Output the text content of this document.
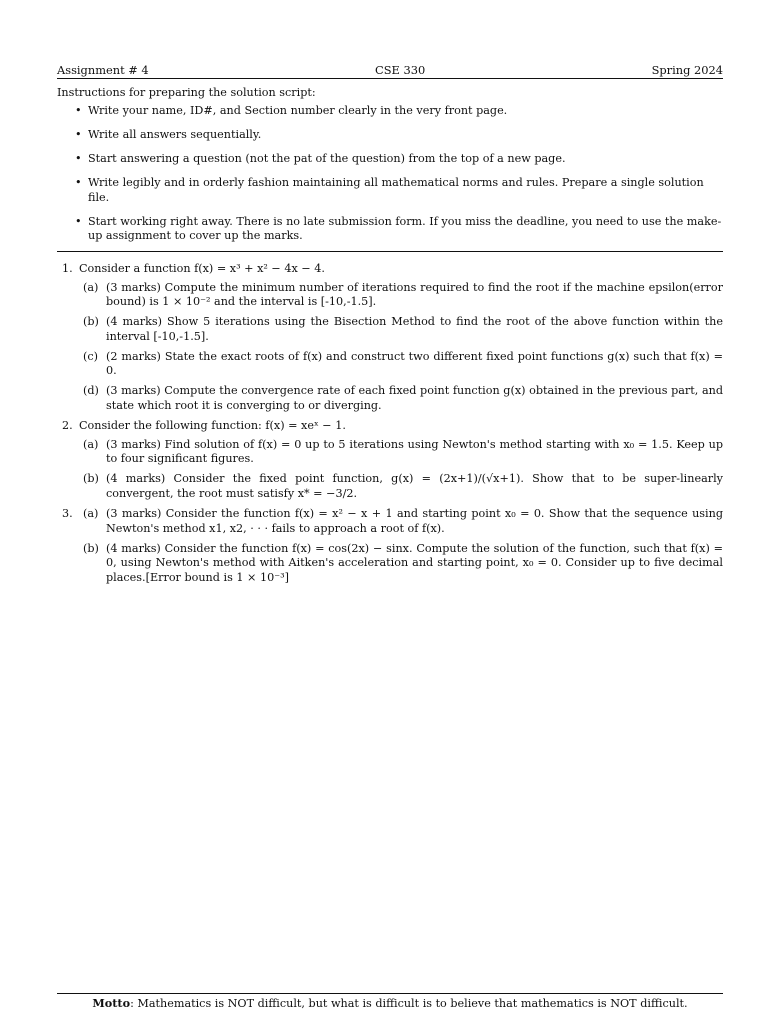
Assignment # 4	CSE 330	Spring 2024
Instructions for preparing the solution script:
• Write your name, ID#, and Section number clearly in the very front page.
• Write all answers sequentially.
• Start answering a question (not the pat of the question) from the top of a new page.
• Write legibly and in orderly fashion maintaining all mathematical norms and rules. Prepare a single solution file.
• Start working right away. There is no late submission form. If you miss the deadline, you need to use the make-up assignment to cover up the marks.
1. Consider a function f(x) = x³ + x² − 4x − 4.
(a) (3 marks) Compute the minimum number of iterations required to find the root if the machine epsilon(error bound) is 1 × 10⁻² and the interval is [-10,-1.5].
(b) (4 marks) Show 5 iterations using the Bisection Method to find the root of the above function within the interval [-10,-1.5].
(c) (2 marks) State the exact roots of f(x) and construct two different fixed point functions g(x) such that f(x) = 0.
(d) (3 marks) Compute the convergence rate of each fixed point function g(x) obtained in the previous part, and state which root it is converging to or diverging.
2. Consider the following function: f(x) = xeˣ − 1.
(a) (3 marks) Find solution of f(x) = 0 up to 5 iterations using Newton's method starting with x₀ = 1.5. Keep up to four significant figures.
(b) (4 marks) Consider the fixed point function, g(x) = (2x+1)/(√x+1). Show that to be super-linearly convergent, the root must satisfy x* = −3/2.
3. (a) (3 marks) Consider the function f(x) = x² − x + 1 and starting point x₀ = 0. Show that the sequence using Newton's method x1, x2, · · · fails to approach a root of f(x).
(b) (4 marks) Consider the function f(x) = cos(2x) − sinx. Compute the solution of the function, such that f(x) = 0, using Newton's method with Aitken's acceleration and starting point, x₀ = 0. Consider up to five decimal places.[Error bound is 1 × 10⁻³]
Motto: Mathematics is NOT difficult, but what is difficult is to believe that mathematics is NOT difficult.
